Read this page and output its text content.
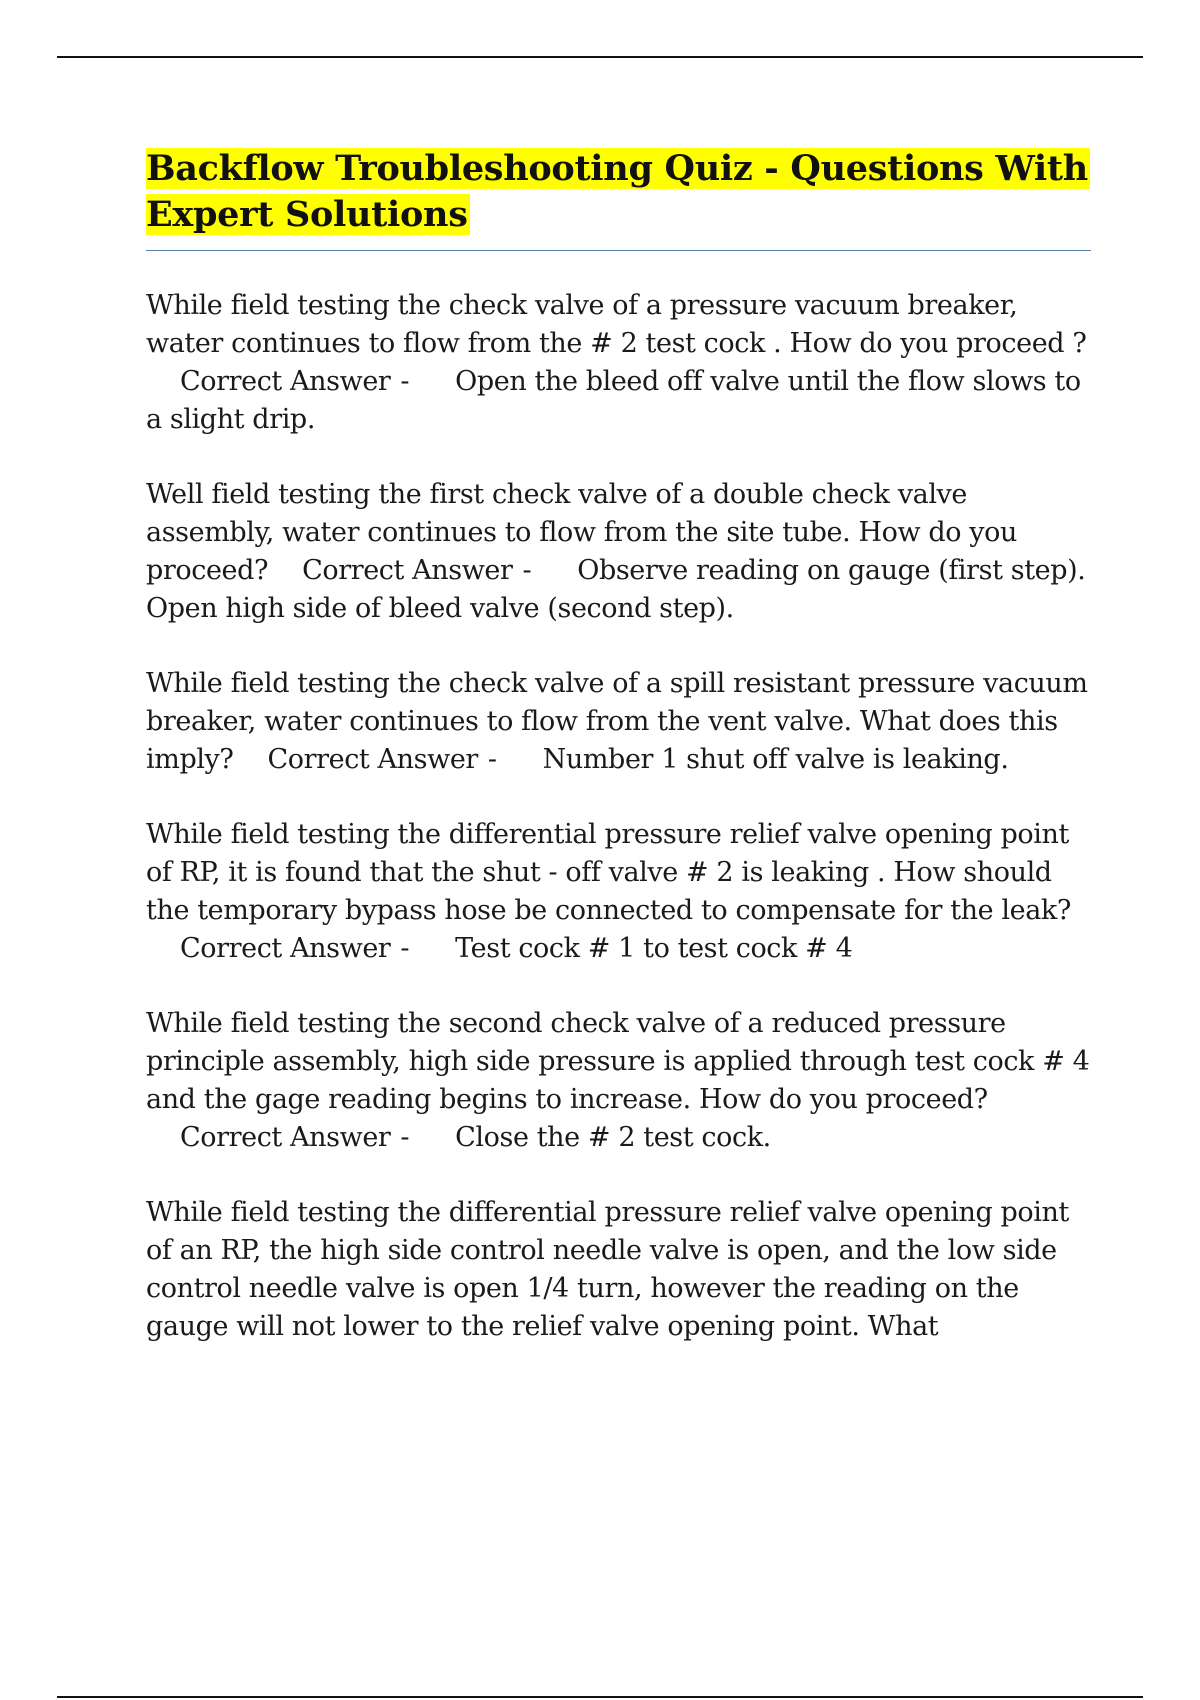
Backflow Troubleshooting Quiz - Questions With Expert Solutions

While field testing the check valve of a pressure vacuum breaker, water continues to flow from the # 2 test cock . How do you proceed ?Correct Answer - Open the bleed off valve until the flow slows to a slight drip.

Well field testing the first check valve of a double check valve assembly, water continues to flow from the site tube. How do you proceed? Correct Answer - Observe reading on gauge (first step). Open high side of bleed valve (second step).

While field testing the check valve of a spill resistant pressure vacuum breaker, water continues to flow from the vent valve. What does this imply? Correct Answer - Number 1 shut off valve is leaking.

While field testing the differential pressure relief valve opening point of RP, it is found that the shut - off valve # 2 is leaking . How should the temporary bypass hose be connected to compensate for the leak?Correct Answer - Test cock # 1 to test cock # 4

While field testing the second check valve of a reduced pressure principle assembly, high side pressure is applied through test cock # 4 and the gage reading begins to increase. How do you proceed?Correct Answer - Close the # 2 test cock.

While field testing the differential pressure relief valve opening point of an RP, the high side control needle valve is open, and the low side control needle valve is open 1/4 turn, however the reading on the gauge will not lower to the relief valve opening point. What
